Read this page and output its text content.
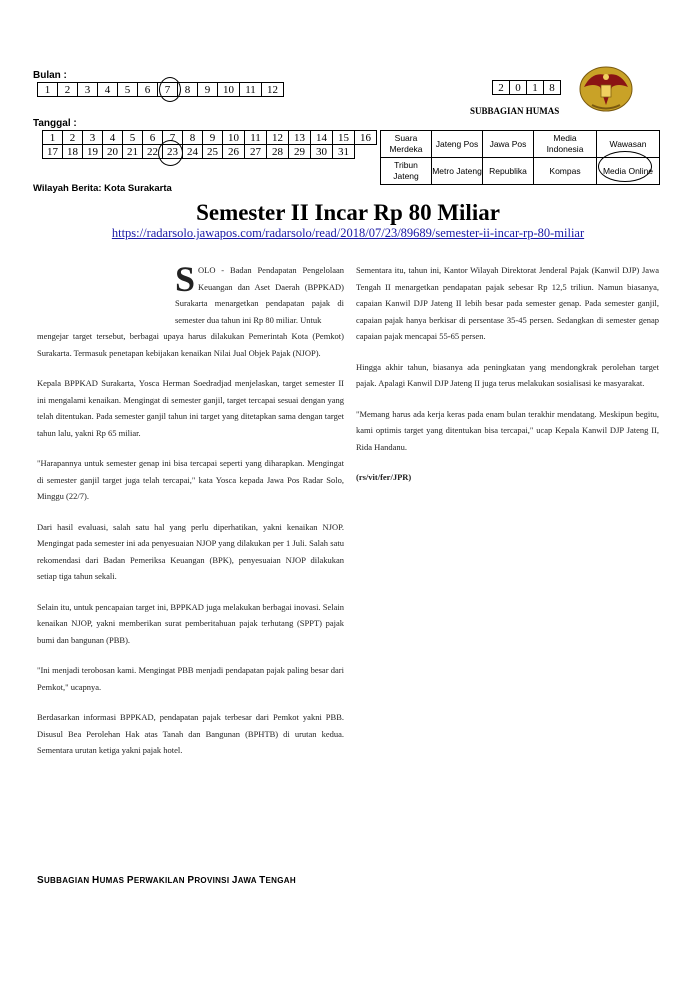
Bulan :
1	2	3	4	5	6	7	8	9	10	11	12
Tanggal :
1	2	3	4	5	6	7	8	9	10	11	12	13	14	15	16
17	18	19	20	21	22	23	24	25	26	27	28	29	30	31	
Wilayah Berita: Kota Surakarta
2	0	1	8
SUBBAGIAN HUMAS
Suara Merdeka	Jateng Pos	Jawa Pos	Media Indonesia	Wawasan
Tribun Jateng	Metro Jateng	Republika	Kompas	Media Online
Semester II Incar Rp 80 Miliar
https://radarsolo.jawapos.com/radarsolo/read/2018/07/23/89689/semester-ii-incar-rp-80-miliar

SOLO - Badan Pendapatan Pengelolaan Keuangan dan Aset Daerah (BPPKAD) Surakarta menargetkan pendapatan pajak di semester dua tahun ini Rp 80 miliar. Untuk

mengejar target tersebut, berbagai upaya harus dilakukan Pemerintah Kota (Pemkot) Surakarta. Termasuk penetapan kebijakan kenaikan Nilai Jual Objek Pajak (NJOP).

Kepala BPPKAD Surakarta, Yosca Herman Soedradjad menjelaskan, target semester II ini mengalami kenaikan. Mengingat di semester ganjil, target tercapai sesuai dengan yang telah ditentukan. Pada semester ganjil tahun ini target yang ditetapkan sama dengan target tahun lalu, yakni Rp 65 miliar.

"Harapannya untuk semester genap ini bisa tercapai seperti yang diharapkan. Mengingat di semester ganjil target juga telah tercapai," kata Yosca kepada Jawa Pos Radar Solo, Minggu (22/7).

Dari hasil evaluasi, salah satu hal yang perlu diperhatikan, yakni kenaikan NJOP. Mengingat pada semester ini ada penyesuaian NJOP yang dilakukan per 1 Juli. Salah satu rekomendasi dari Badan Pemeriksa Keuangan (BPK), penyesuaian NJOP dilakukan setiap tiga tahun sekali.

Selain itu, untuk pencapaian target ini, BPPKAD juga melakukan berbagai inovasi. Selain kenaikan NJOP, yakni memberikan surat pemberitahuan pajak terhutang (SPPT) pajak bumi dan bangunan (PBB).

"Ini menjadi terobosan kami. Mengingat PBB menjadi pendapatan pajak paling besar dari Pemkot," ucapnya.

Berdasarkan informasi BPPKAD, pendapatan pajak terbesar dari Pemkot yakni PBB. Disusul Bea Perolehan Hak atas Tanah dan Bangunan (BPHTB) di urutan kedua. Sementara urutan ketiga yakni pajak hotel.

Sementara itu, tahun ini, Kantor Wilayah Direktorat Jenderal Pajak (Kanwil DJP) Jawa Tengah II menargetkan pendapatan pajak sebesar Rp 12,5 triliun. Namun biasanya, capaian Kanwil DJP Jateng II lebih besar pada semester genap. Pada semester ganjil, capaian pajak hanya berkisar di persentase 35-45 persen. Sedangkan di semester genap capaian pajak mencapai 55-65 persen.

Hingga akhir tahun, biasanya ada peningkatan yang mendongkrak perolehan target pajak. Apalagi Kanwil DJP Jateng II juga terus melakukan sosialisasi ke masyarakat.

"Memang harus ada kerja keras pada enam bulan terakhir mendatang. Meskipun begitu, kami optimis target yang ditentukan bisa tercapai," ucap Kepala Kanwil DJP Jateng II, Rida Handanu.

(rs/vit/fer/JPR)

SUBBAGIAN HUMAS PERWAKILAN PROVINSI JAWA TENGAH
